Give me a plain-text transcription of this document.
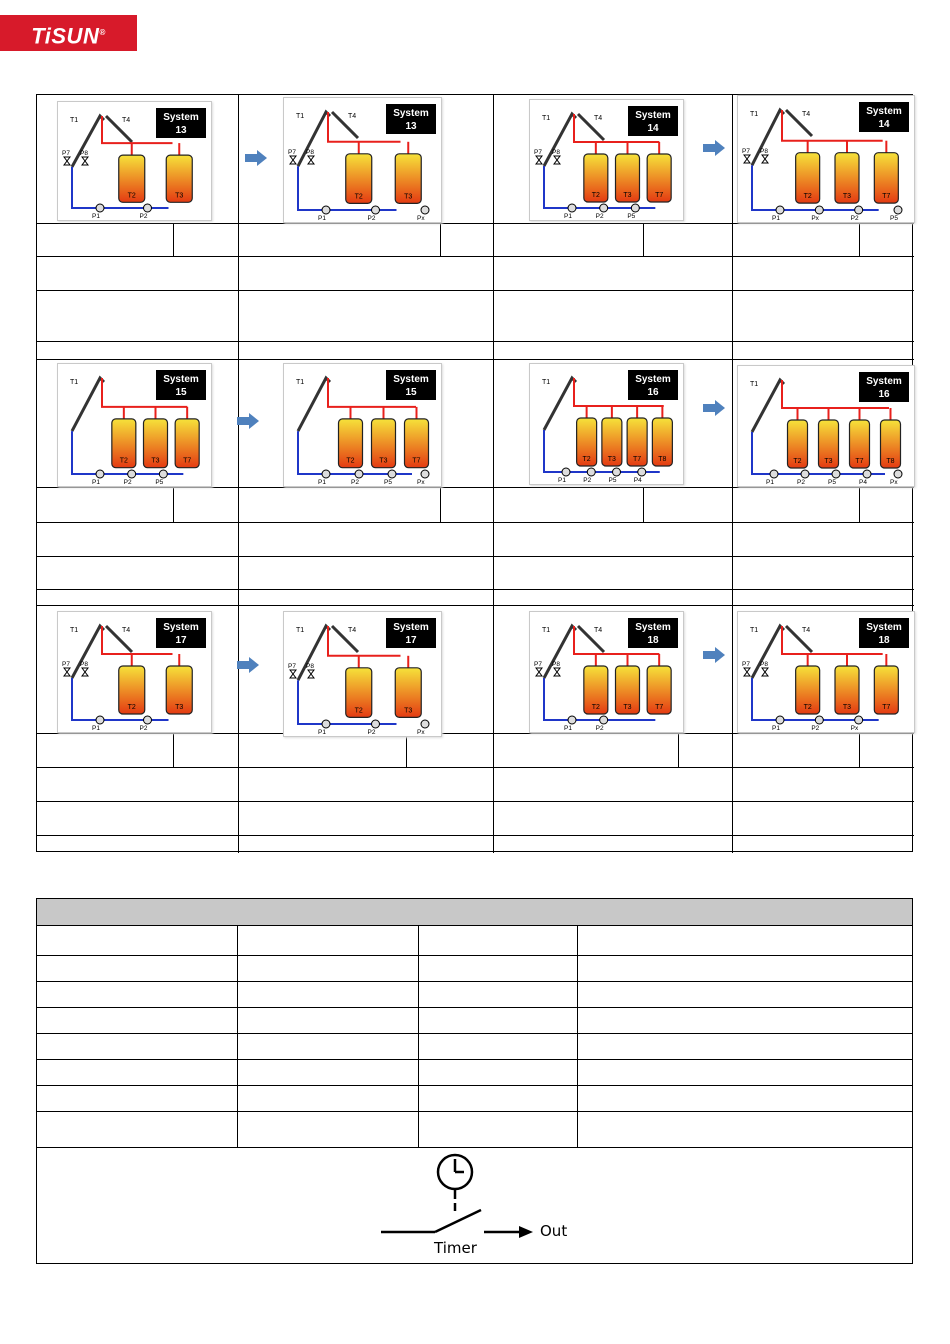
TiSUN®
System
13
T1	T4
T2	T3
P1	P2
P7 P8
System
13
T1	T4
T2	T3
P1	P2	Px
P7 P8
System
14
T1	T4
T2	T3	T7
P1	P2	P5
P7 P8
System
14
T1	T4
T2	T3	T7
P1	Px	P2	P5
P7 P8
System
15
T1
T2	T3	T7
P1	P2	P5
System
15
T1
T2	T3	T7
P1	P2	P5	Px
System
16
T1
T2 T3 T7 T8
P1	P2	P5	P4
System
16
T1
T2	T3	T7	T8
P1	P2	P5	P4	Px
System
17
T1	T4
T2	T3
P1	P2
P7 P8
System
17
T1	T4
T2	T3
P1	P2	Px
P7 P8
System
18
T1	T4
T2	T3	T7
P1	P2
P7 P8
System
18
T1	T4
T2	T3	T7
P1	P2	Px
P7 P8
Timer
Out
